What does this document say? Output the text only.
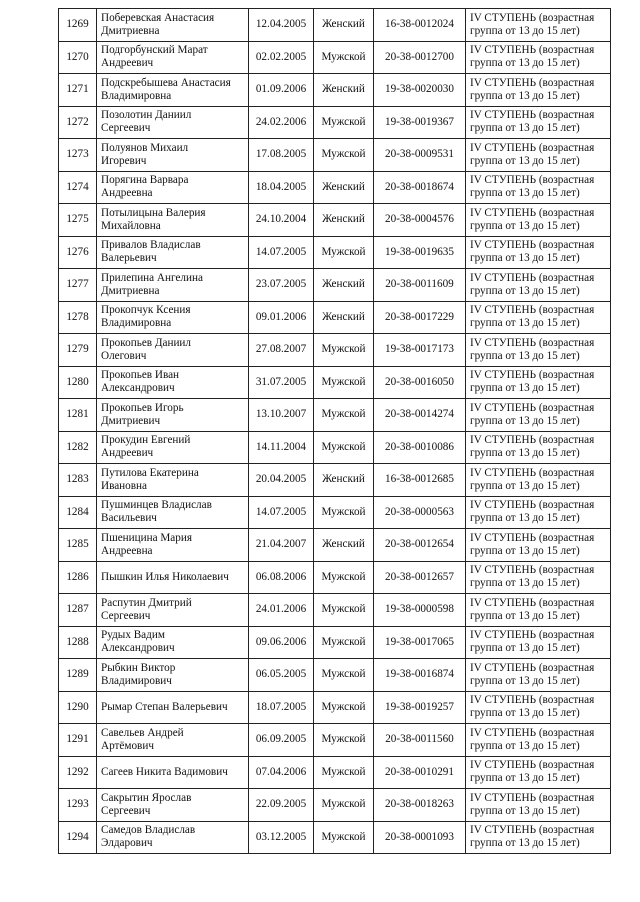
1269	Поберевская Анастасия
Дмитриевна	12.04.2005	Женский	16-38-0012024	IV СТУПЕНЬ (возрастная
группа от 13 до 15 лет)

1270	Подгорбунский Марат
Андреевич	02.02.2005	Мужской	20-38-0012700	IV СТУПЕНЬ (возрастная
группа от 13 до 15 лет)

1271	Подскребышева Анастасия
Владимировна	01.09.2006	Женский	19-38-0020030	IV СТУПЕНЬ (возрастная
группа от 13 до 15 лет)

1272	Позолотин Даниил
Сергеевич	24.02.2006	Мужской	19-38-0019367	IV СТУПЕНЬ (возрастная
группа от 13 до 15 лет)

1273	Полуянов Михаил
Игоревич	17.08.2005	Мужской	20-38-0009531	IV СТУПЕНЬ (возрастная
группа от 13 до 15 лет)

1274	Порягина Варвара
Андреевна	18.04.2005	Женский	20-38-0018674	IV СТУПЕНЬ (возрастная
группа от 13 до 15 лет)

1275	Потылицына Валерия
Михайловна	24.10.2004	Женский	20-38-0004576	IV СТУПЕНЬ (возрастная
группа от 13 до 15 лет)

1276	Привалов Владислав
Валерьевич	14.07.2005	Мужской	19-38-0019635	IV СТУПЕНЬ (возрастная
группа от 13 до 15 лет)

1277	Прилепина Ангелина
Дмитриевна	23.07.2005	Женский	20-38-0011609	IV СТУПЕНЬ (возрастная
группа от 13 до 15 лет)

1278	Прокопчук Ксения
Владимировна	09.01.2006	Женский	20-38-0017229	IV СТУПЕНЬ (возрастная
группа от 13 до 15 лет)

1279	Прокопьев Даниил
Олегович	27.08.2007	Мужской	19-38-0017173	IV СТУПЕНЬ (возрастная
группа от 13 до 15 лет)

1280	Прокопьев Иван
Александрович	31.07.2005	Мужской	20-38-0016050	IV СТУПЕНЬ (возрастная
группа от 13 до 15 лет)

1281	Прокопьев Игорь
Дмитриевич	13.10.2007	Мужской	20-38-0014274	IV СТУПЕНЬ (возрастная
группа от 13 до 15 лет)

1282	Прокудин Евгений
Андреевич	14.11.2004	Мужской	20-38-0010086	IV СТУПЕНЬ (возрастная
группа от 13 до 15 лет)

1283	Путилова Екатерина
Ивановна	20.04.2005	Женский	16-38-0012685	IV СТУПЕНЬ (возрастная
группа от 13 до 15 лет)

1284	Пушминцев Владислав
Васильевич	14.07.2005	Мужской	20-38-0000563	IV СТУПЕНЬ (возрастная
группа от 13 до 15 лет)

1285	Пшеницина Мария
Андреевна	21.04.2007	Женский	20-38-0012654	IV СТУПЕНЬ (возрастная
группа от 13 до 15 лет)

1286	Пышкин Илья Николаевич	06.08.2006	Мужской	20-38-0012657	IV СТУПЕНЬ (возрастная
группа от 13 до 15 лет)

1287	Распутин Дмитрий
Сергеевич	24.01.2006	Мужской	19-38-0000598	IV СТУПЕНЬ (возрастная
группа от 13 до 15 лет)

1288	Рудых Вадим
Александрович	09.06.2006	Мужской	19-38-0017065	IV СТУПЕНЬ (возрастная
группа от 13 до 15 лет)

1289	Рыбкин Виктор
Владимирович	06.05.2005	Мужской	19-38-0016874	IV СТУПЕНЬ (возрастная
группа от 13 до 15 лет)

1290	Рымар Степан Валерьевич	18.07.2005	Мужской	19-38-0019257	IV СТУПЕНЬ (возрастная
группа от 13 до 15 лет)

1291	Савельев Андрей
Артёмович	06.09.2005	Мужской	20-38-0011560	IV СТУПЕНЬ (возрастная
группа от 13 до 15 лет)

1292	Сагеев Никита Вадимович	07.04.2006	Мужской	20-38-0010291	IV СТУПЕНЬ (возрастная
группа от 13 до 15 лет)

1293	Сакрытин Ярослав
Сергеевич	22.09.2005	Мужской	20-38-0018263	IV СТУПЕНЬ (возрастная
группа от 13 до 15 лет)

1294	Самедов Владислав
Элдарович	03.12.2005	Мужской	20-38-0001093	IV СТУПЕНЬ (возрастная
группа от 13 до 15 лет)
